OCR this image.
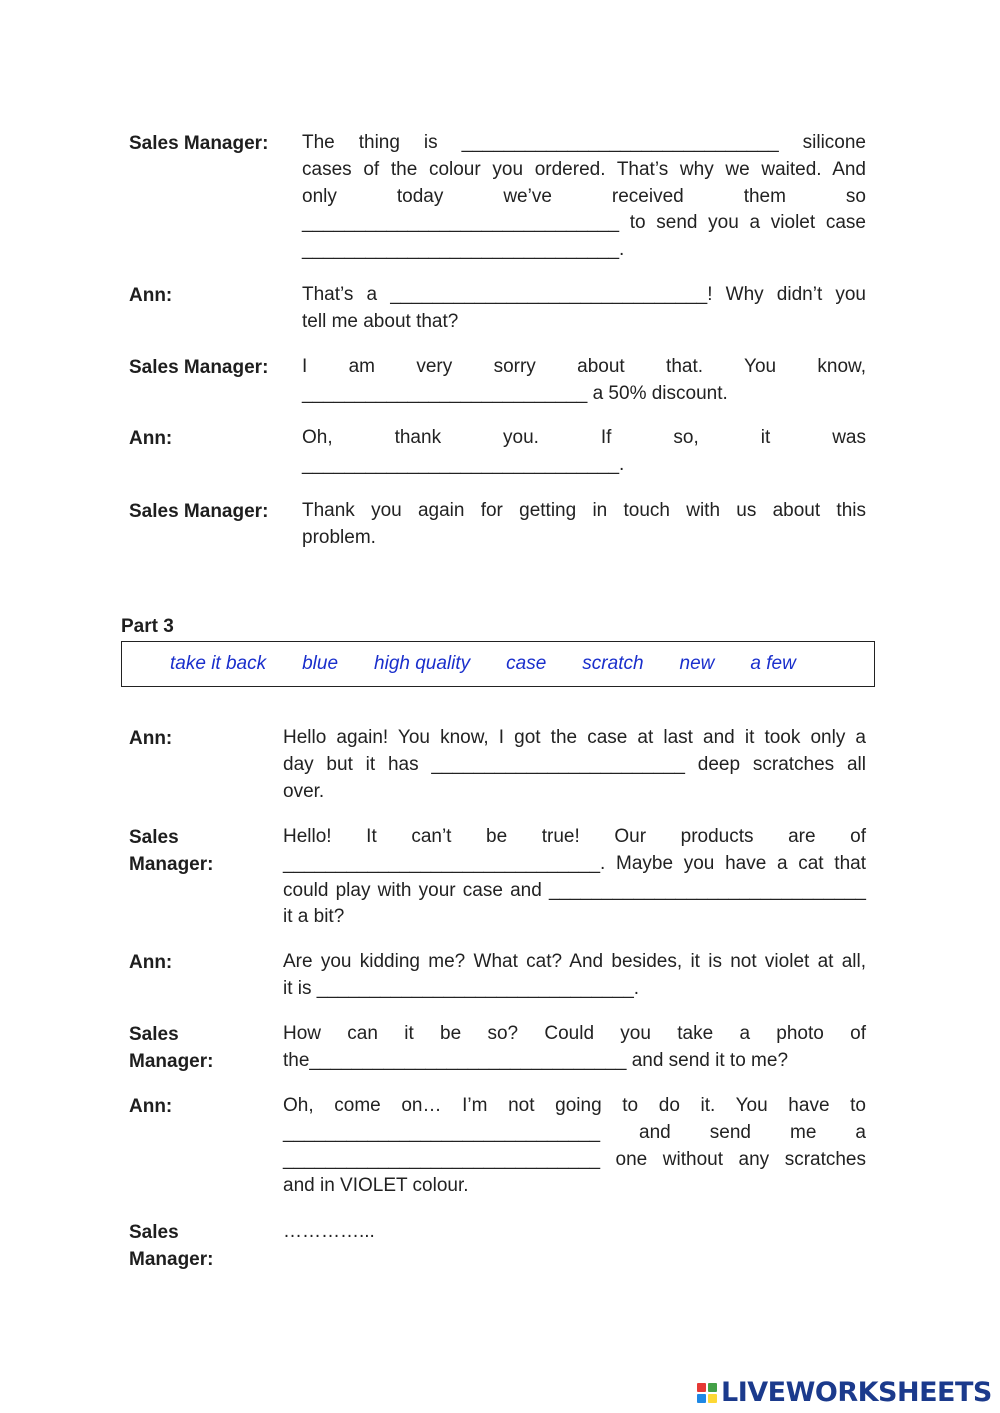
Sales Manager: The thing is ______________________________ silicone
cases of the colour you ordered. That’s why we waited. And
only today we’ve received them so
______________________________ to send you a violet case
______________________________.
Ann:	That’s a ______________________________! Why didn’t you
tell me about that?
Sales Manager: I am very sorry about that. You know,
___________________________ a 50% discount.
Ann:	Oh, thank you. If so, it was
______________________________.
Sales Manager: Thank you again for getting in touch with us about this
problem.
Part 3
take it back blue high quality case scratch new a few
Ann:	Hello again! You know, I got the case at last and it took only a
day but it has ________________________ deep scratches all
over.
Sales
Manager:
Hello! It can’t be true! Our products are of
______________________________. Maybe you have a cat that
could play with your case and ______________________________
it a bit?
Ann:	Are you kidding me? What cat? And besides, it is not violet at all,
it is ______________________________.
Sales
Manager:
How can it be so? Could you take a photo of
the______________________________ and send it to me?
Ann:	Oh, come on… I’m not going to do it. You have to
______________________________ and send me a
______________________________ one without any scratches
and in VIOLET colour.
Sales
Manager:
…………...
LIVEWORKSHEETS
